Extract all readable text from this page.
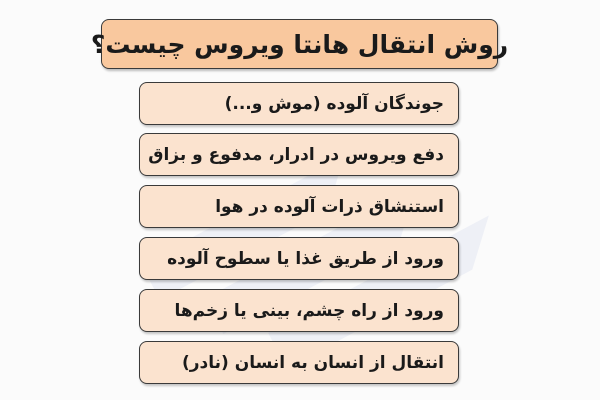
روش انتقال هانتا ویروس چیست؟
جوندگان آلوده (موش و...)
دفع ویروس در ادرار، مدفوع و بزاق
استنشاق ذرات آلوده در هوا
ورود از طریق غذا یا سطوح آلوده
ورود از راه چشم، بینی یا زخم‌ها
انتقال از انسان به انسان (نادر)
